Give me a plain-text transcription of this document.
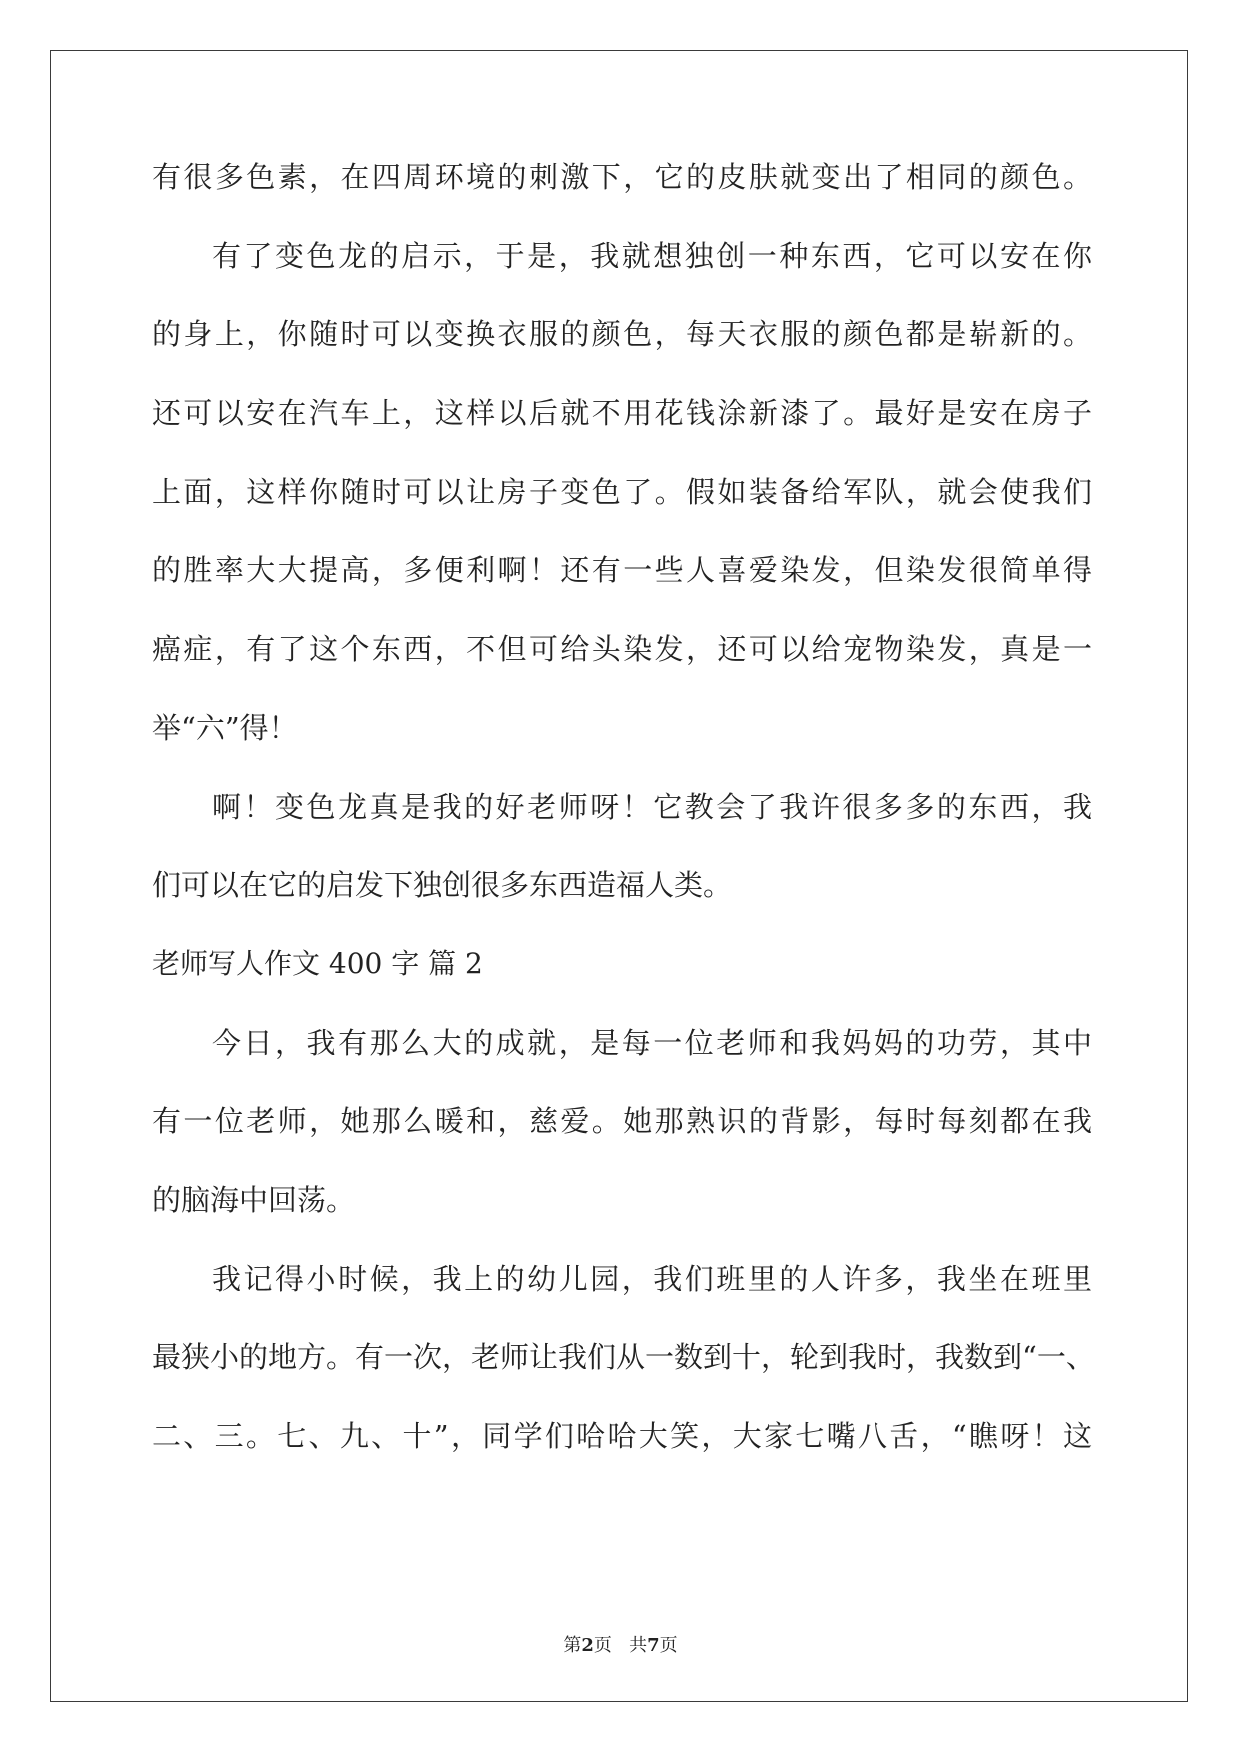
有很多色素，在四周环境的刺激下，它的皮肤就变出了相同的颜色。

有了变色龙的启示，于是，我就想独创一种东西，它可以安在你

的身上，你随时可以变换衣服的颜色，每天衣服的颜色都是崭新的。

还可以安在汽车上，这样以后就不用花钱涂新漆了。最好是安在房子

上面，这样你随时可以让房子变色了。假如装备给军队，就会使我们

的胜率大大提高，多便利啊！还有一些人喜爱染发，但染发很简单得

癌症，有了这个东西，不但可给头染发，还可以给宠物染发，真是一

举“六”得！

啊！变色龙真是我的好老师呀！它教会了我许很多多的东西，我

们可以在它的启发下独创很多东西造福人类。

老师写人作文 400 字 篇 2

今日，我有那么大的成就，是每一位老师和我妈妈的功劳，其中

有一位老师，她那么暖和，慈爱。她那熟识的背影，每时每刻都在我

的脑海中回荡。

我记得小时候，我上的幼儿园，我们班里的人许多，我坐在班里

最狭小的地方。有一次，老师让我们从一数到十，轮到我时，我数到“一、

二、三。七、九、十”，同学们哈哈大笑，大家七嘴八舌，“瞧呀！这

第2页 共7页
